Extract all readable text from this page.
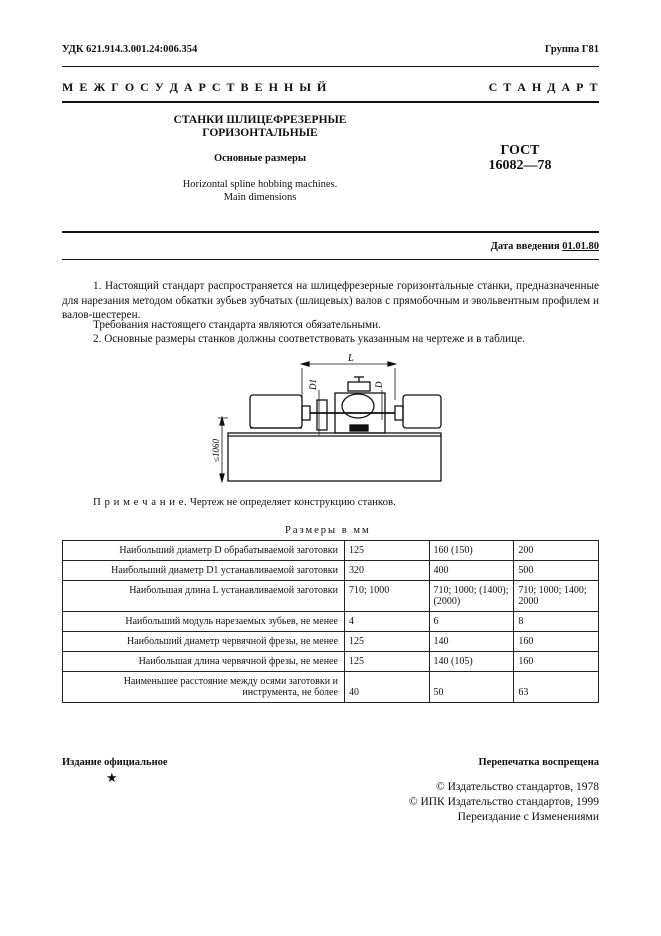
УДК 621.914.3.001.24:006.354	Группа Г81
М Е Ж Г О С У Д А Р С Т В Е Н Н Ы Й	С Т А Н Д А Р Т
СТАНКИ ШЛИЦЕФРЕЗЕРНЫЕ
ГОРИЗОНТАЛЬНЫЕ
Основные размеры
Horizontal spline hobbing machines.
Main dimensions
ГОСТ
16082—78
Дата введения 01.01.80
1. Настоящий стандарт распространяется на шлицефрезерные горизонтальные станки, предназначенные для нарезания методом обкатки зубьев зубчатых (шлицевых) валов с прямобочным и эвольвентным профилем и валов-шестерен.
Требования настоящего стандарта являются обязательными.
2. Основные размеры станков должны соответствовать указанным на чертеже и в таблице.
L
D1	D
≤1060
П р и м е ч а н и е. Чертеж не определяет конструкцию станков.
Размеры в мм
Наибольший диаметр D обрабатываемой заготовки	125	160 (150)	200
Наибольший диаметр D1 устанавливаемой заготовки	320	400	500
Наибольшая длина L устанавливаемой заготовки	710; 1000	710; 1000; (1400); (2000)	710; 1000; 1400; 2000
Наибольший модуль нарезаемых зубьев, не менее	4	6	8
Наибольший диаметр червячной фрезы, не менее	125	140	160
Наибольшая длина червячной фрезы, не менее	125	140 (105)	160
Наименьшее расстояние между осями заготовки и инструмента, не более	40	50	63
Издание официальное
★
Перепечатка воспрещена
© Издательство стандартов, 1978
© ИПК Издательство стандартов, 1999
Переиздание с Изменениями
